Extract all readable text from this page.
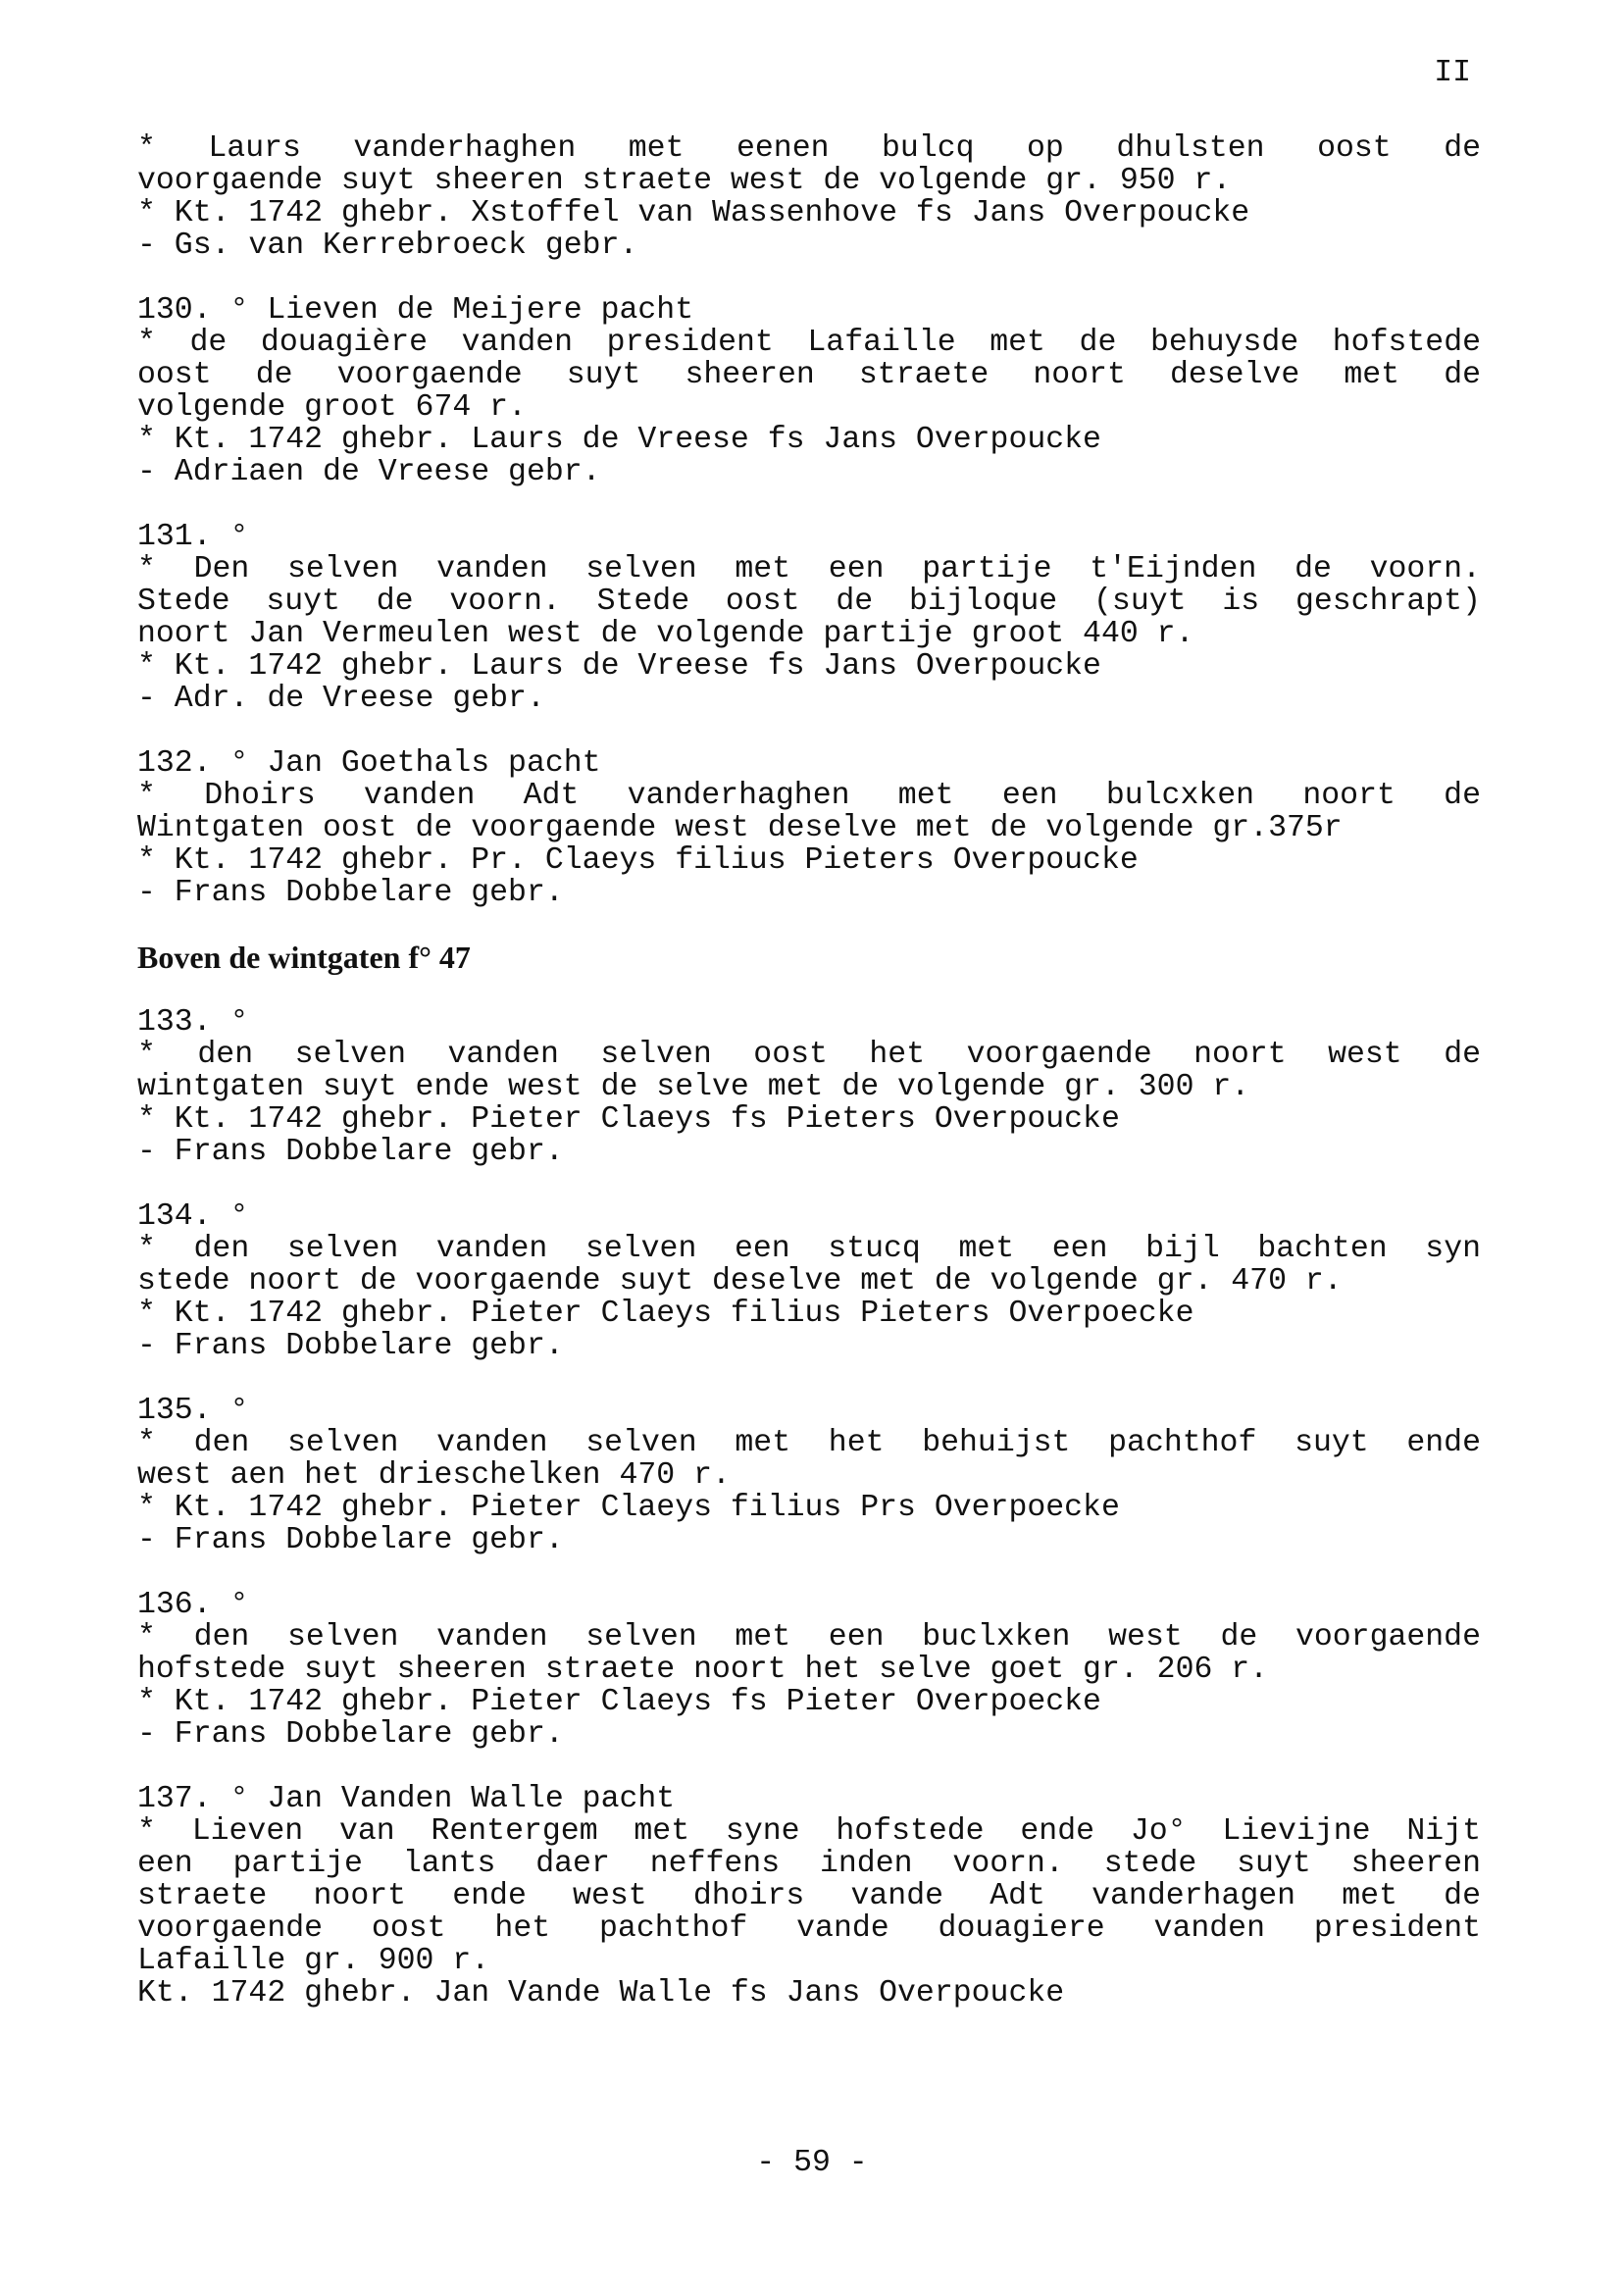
II
* Laurs vanderhaghen met eenen bulcq op dhulsten oost de
voorgaende suyt sheeren straete west de volgende gr. 950 r.
* Kt. 1742 ghebr. Xstoffel van Wassenhove fs Jans Overpoucke
- Gs. van Kerrebroeck gebr.
130. ° Lieven de Meijere pacht
* de douagière vanden president Lafaille met de behuysde hofstede
oost de voorgaende suyt sheeren straete noort deselve met de
volgende groot 674 r.
* Kt. 1742 ghebr. Laurs de Vreese fs Jans Overpoucke
- Adriaen de Vreese gebr.
131. °
* Den selven vanden selven met een partije t'Eijnden de voorn.
Stede suyt de voorn. Stede oost de bijloque (suyt is geschrapt)
noort Jan Vermeulen west de volgende partije groot 440 r.
* Kt. 1742 ghebr. Laurs de Vreese fs Jans Overpoucke
- Adr. de Vreese gebr.
132. ° Jan Goethals pacht
* Dhoirs vanden Adt vanderhaghen met een bulcxken noort de
Wintgaten oost de voorgaende west deselve met de volgende gr.375r
* Kt. 1742 ghebr. Pr. Claeys filius Pieters Overpoucke
- Frans Dobbelare gebr.
Boven de wintgaten f° 47
133. °
* den selven vanden selven oost het voorgaende noort west de
wintgaten suyt ende west de selve met de volgende gr. 300 r.
* Kt. 1742 ghebr. Pieter Claeys fs Pieters Overpoucke
- Frans Dobbelare gebr.
134. °
* den selven vanden selven een stucq met een bijl bachten syn
stede noort de voorgaende suyt deselve met de volgende gr. 470 r.
* Kt. 1742 ghebr. Pieter Claeys filius Pieters Overpoecke
- Frans Dobbelare gebr.
135. °
* den selven vanden selven met het behuijst pachthof suyt ende
west aen het drieschelken 470 r.
* Kt. 1742 ghebr. Pieter Claeys filius Prs Overpoecke
- Frans Dobbelare gebr.
136. °
* den selven vanden selven met een buclxken west de voorgaende
hofstede suyt sheeren straete noort het selve goet gr. 206 r.
* Kt. 1742 ghebr. Pieter Claeys fs Pieter Overpoecke
- Frans Dobbelare gebr.
137. ° Jan Vanden Walle pacht
* Lieven van Rentergem met syne hofstede ende Jo° Lievijne Nijt
een partije lants daer neffens inden voorn. stede suyt sheeren
straete noort ende west dhoirs vande Adt vanderhagen met de
voorgaende oost het pachthof vande douagiere vanden president
Lafaille gr. 900 r.
Kt. 1742 ghebr. Jan Vande Walle fs Jans Overpoucke
- 59 -
